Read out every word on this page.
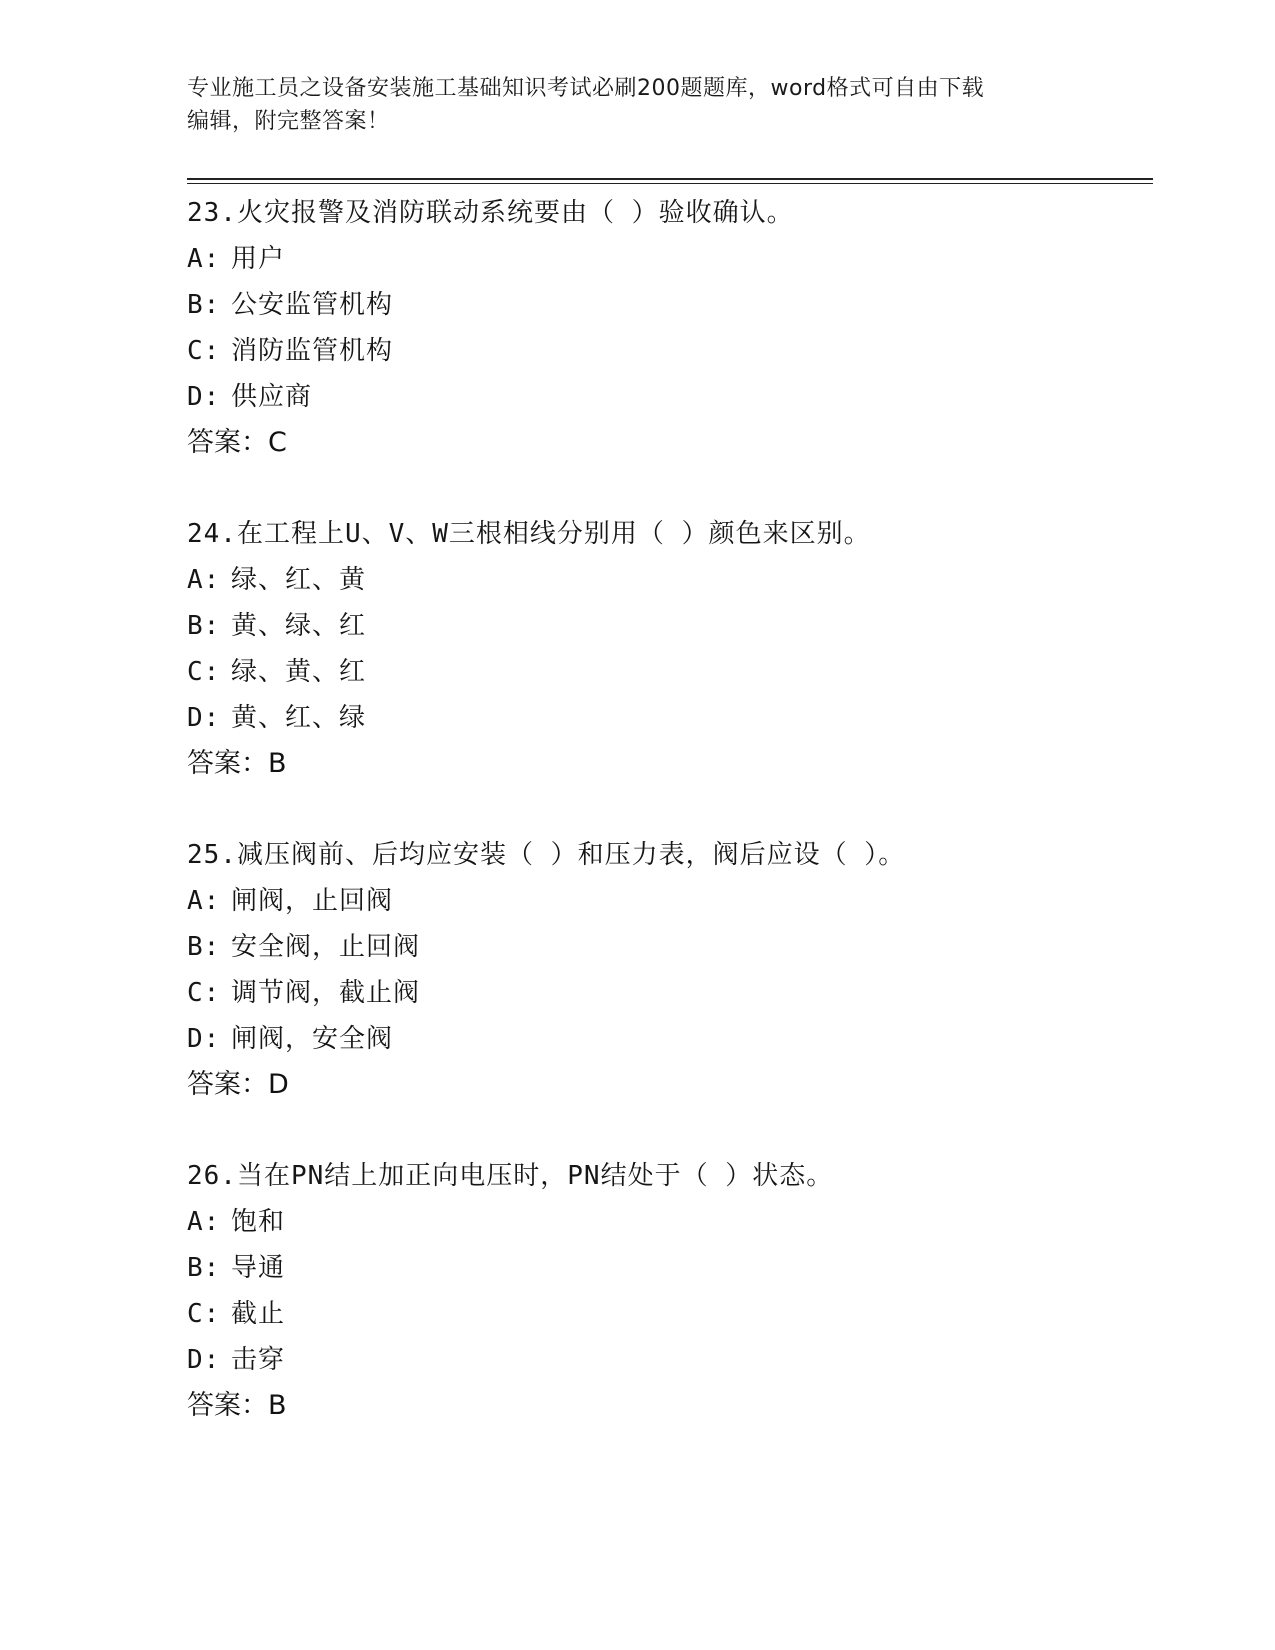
专业施工员之设备安装施工基础知识考试必刷200题题库，word格式可自由下载
编辑，附完整答案！
23.火灾报警及消防联动系统要由（ ）验收确认。
A: 用户
B: 公安监管机构
C: 消防监管机构
D: 供应商
答案：C
24.在工程上U、V、W三根相线分别用（ ）颜色来区别。
A: 绿、红、黄
B: 黄、绿、红
C: 绿、黄、红
D: 黄、红、绿
答案：B
25.减压阀前、后均应安装（ ）和压力表，阀后应设（ ）。
A: 闸阀，止回阀
B: 安全阀，止回阀
C: 调节阀，截止阀
D: 闸阀，安全阀
答案：D
26.当在PN结上加正向电压时，PN结处于（ ）状态。
A: 饱和
B: 导通
C: 截止
D: 击穿
答案：B
